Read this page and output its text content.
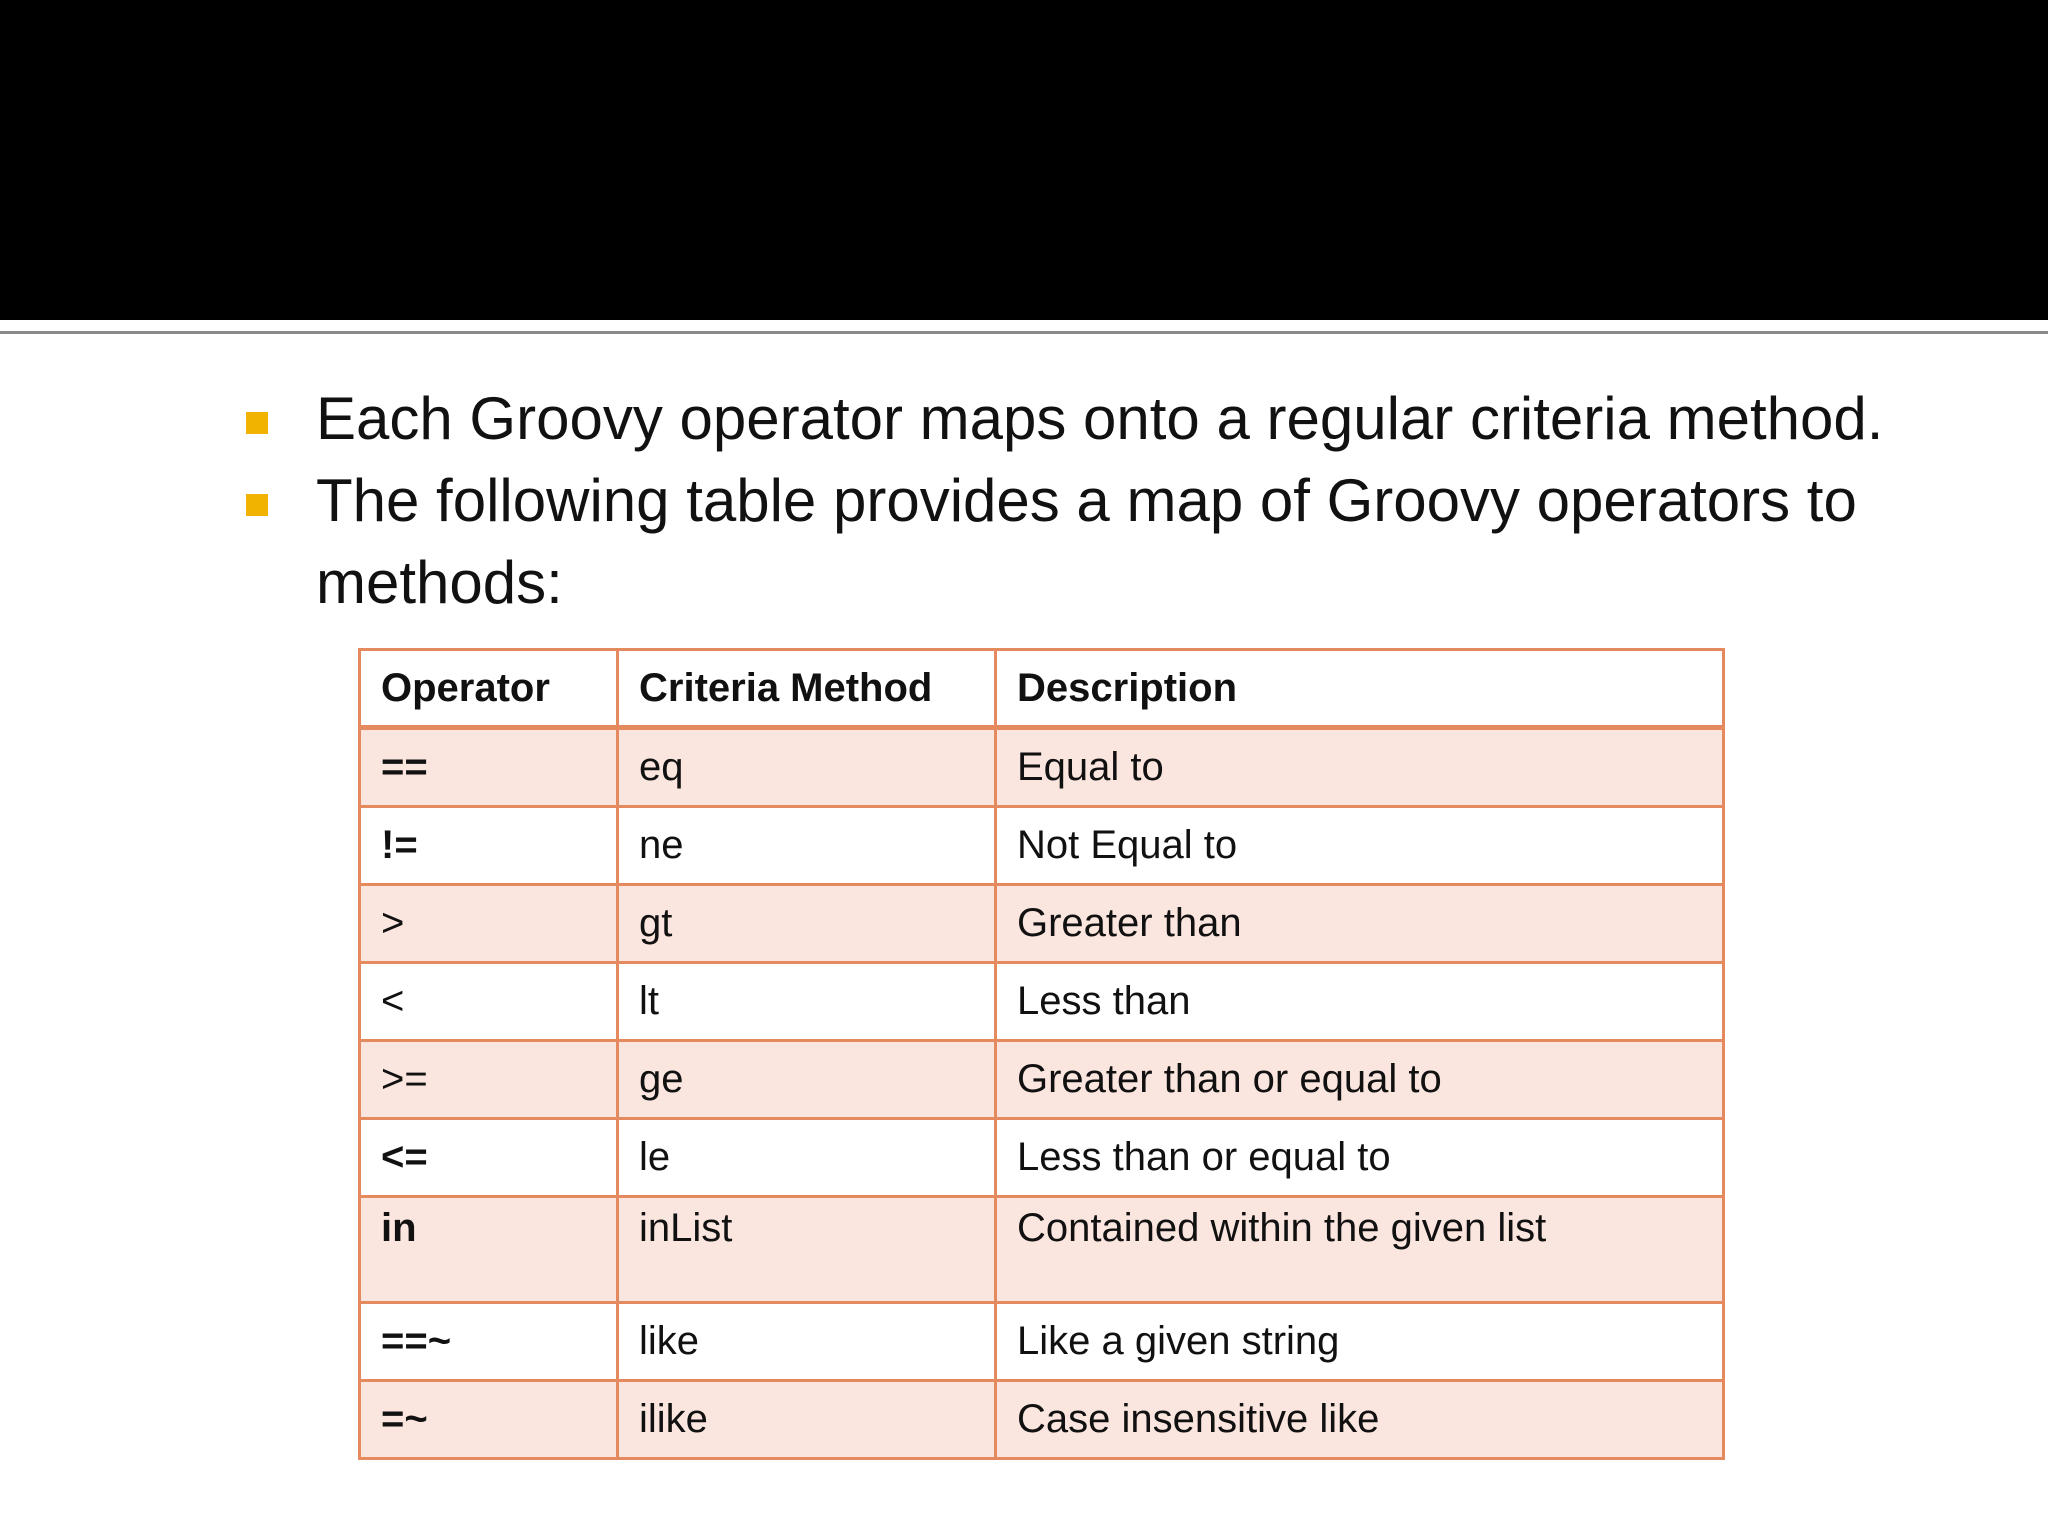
Each Groovy operator maps onto a regular criteria method.
The following table provides a map of Groovy operators to methods:
Operator	Criteria Method	Description
==	eq	Equal to
!=	ne	Not Equal to
>	gt	Greater than
<	lt	Less than
>=	ge	Greater than or equal to
<=	le	Less than or equal to
in	inList	Contained within the given list
==~	like	Like a given string
=~	ilike	Case insensitive like
